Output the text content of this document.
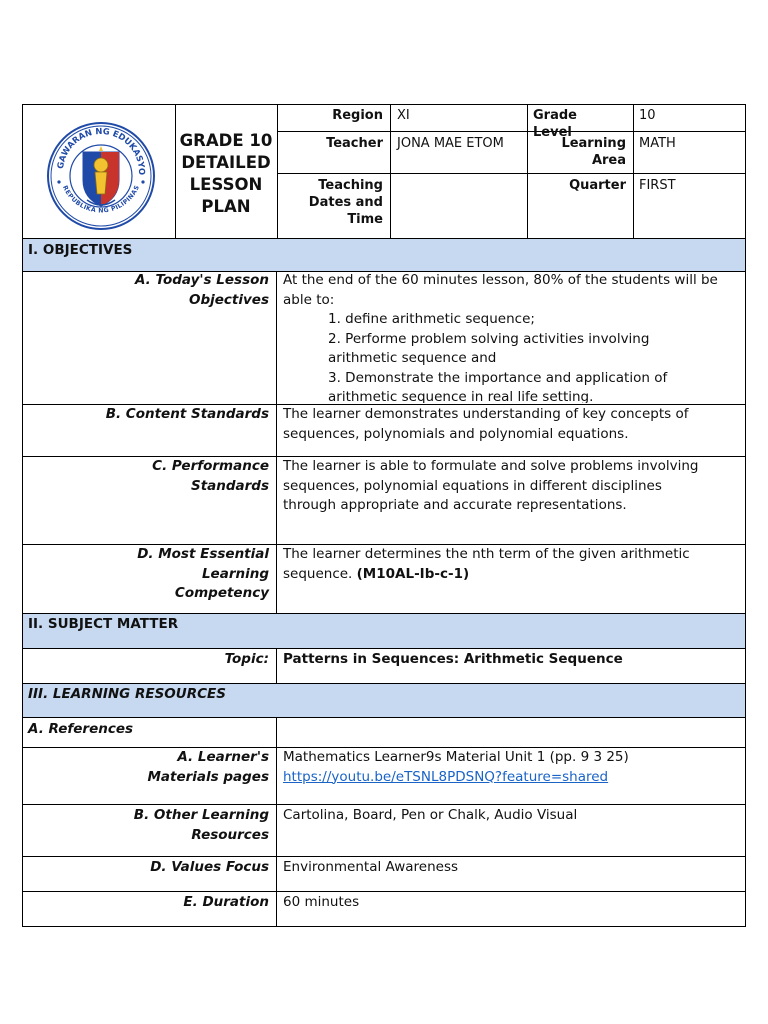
GAWARAN NG EDUKASYO
REPUBLIKA NG PILIPINAS
GRADE 10
DETAILED
LESSON
PLAN
Region XI	Grade Level
10
Teacher JONA MAE ETOM	Learning
Area
MATH
Teaching
Dates and
Time
Quarter FIRST
I. OBJECTIVES
A. Today's Lesson
Objectives
At the end of the 60 minutes lesson, 80% of the students will be
able to:
1. define arithmetic sequence;
2. Performe problem solving activities involving
arithmetic sequence and
3. Demonstrate the importance and application of
arithmetic sequence in real life setting.
B. Content Standards The learner demonstrates understanding of key concepts of
sequences, polynomials and polynomial equations.
C. Performance
Standards
The learner is able to formulate and solve problems involving
sequences, polynomial equations in different disciplines
through appropriate and accurate representations.
D. Most Essential
Learning
Competency
The learner determines the nth term of the given arithmetic
sequence. (M10AL-Ib-c-1)
II. SUBJECT MATTER
Topic: Patterns in Sequences: Arithmetic Sequence
III. LEARNING RESOURCES
A. References
A. Learner's
Materials pages
Mathematics Learner9s Material Unit 1 (pp. 9 3 25)
https://youtu.be/eTSNL8PDSNQ?feature=shared
B. Other Learning
Resources
Cartolina, Board, Pen or Chalk, Audio Visual
D. Values Focus Environmental Awareness
E. Duration 60 minutes
